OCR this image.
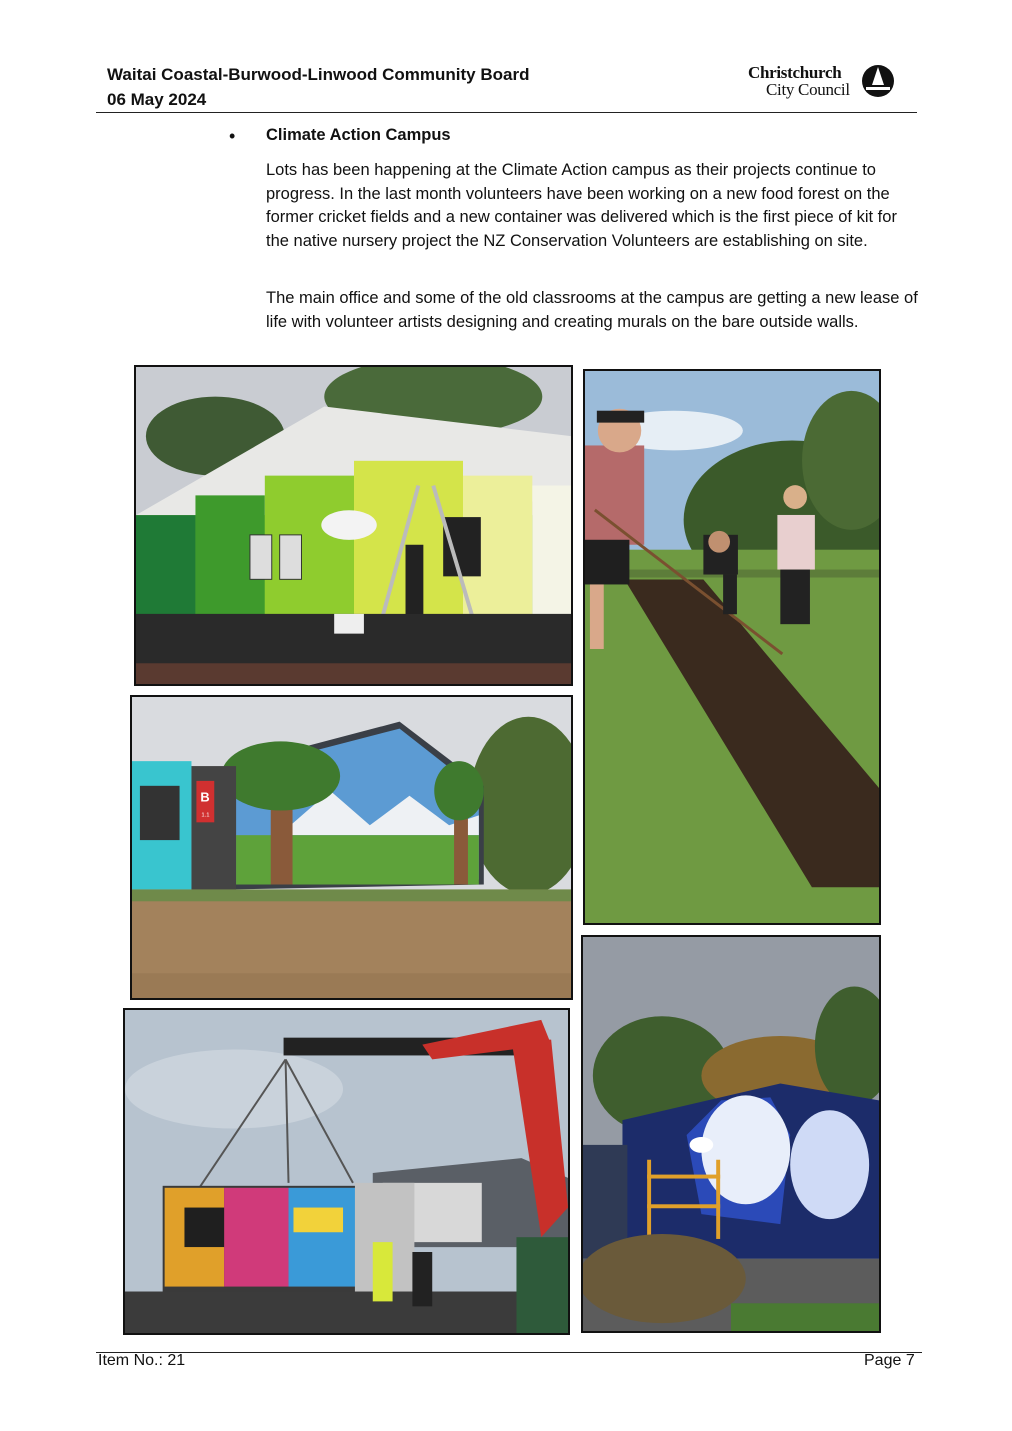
Waitai Coastal-Burwood-Linwood Community Board
06 May 2024
Christchurch
City Council
• Climate Action Campus
Lots has been happening at the Climate Action campus as their projects continue to progress. In the last month volunteers have been working on a new food forest on the former cricket fields and a new container was delivered which is the first piece of kit for the native nursery project the NZ Conservation Volunteers are establishing on site.
The main office and some of the old classrooms at the campus are getting a new lease of life with volunteer artists designing and creating murals on the bare outside walls.
B
1.1
Item No.: 21	Page 7
